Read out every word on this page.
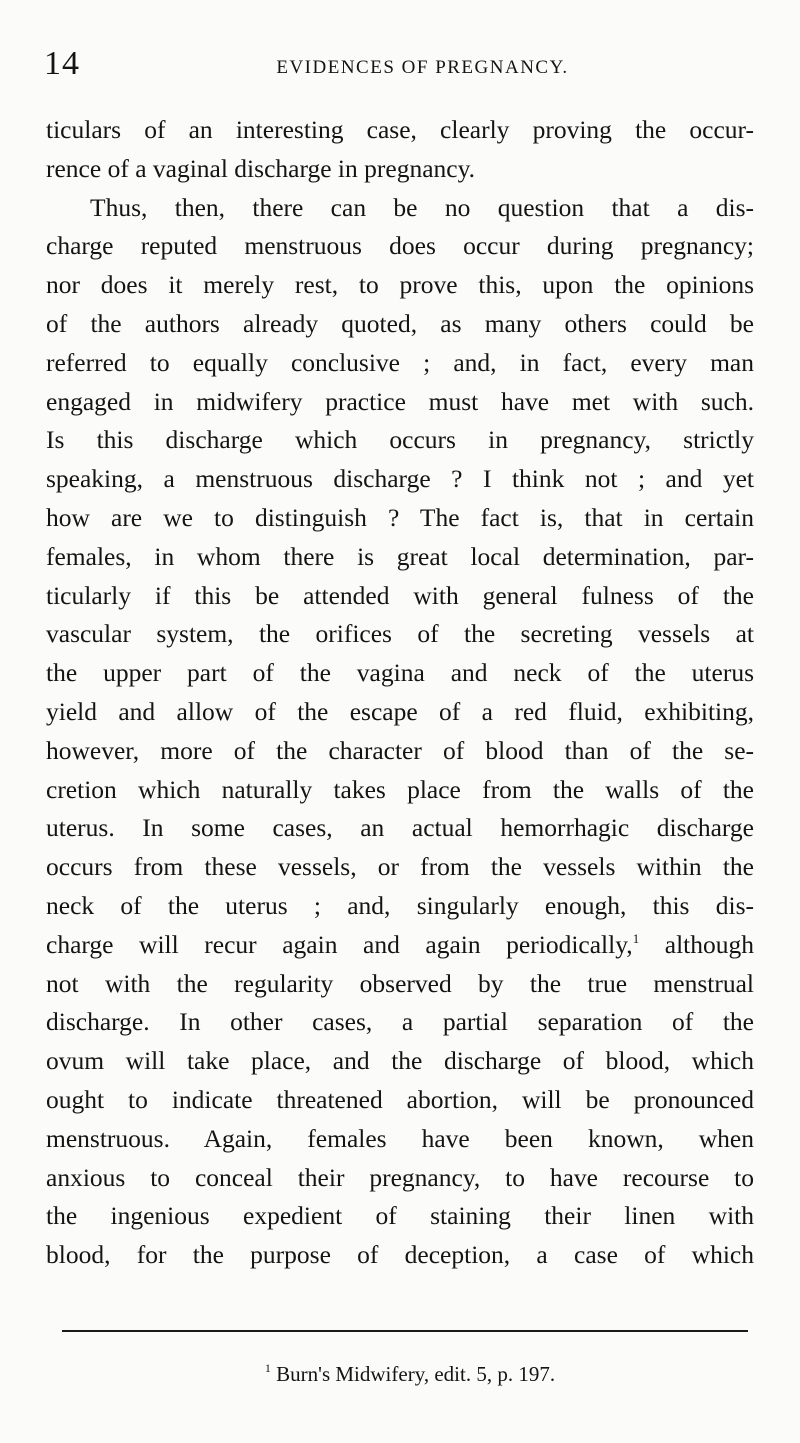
14	EVIDENCES OF PREGNANCY.
ticulars of an interesting case, clearly proving the occur-
rence of a vaginal discharge in pregnancy.
Thus, then, there can be no question that a dis-
charge reputed menstruous does occur during pregnancy;
nor does it merely rest, to prove this, upon the opinions
of the authors already quoted, as many others could be
referred to equally conclusive ; and, in fact, every man
engaged in midwifery practice must have met with such.
Is this discharge which occurs in pregnancy, strictly
speaking, a menstruous discharge ? I think not ; and yet
how are we to distinguish ? The fact is, that in certain
females, in whom there is great local determination, par-
ticularly if this be attended with general fulness of the
vascular system, the orifices of the secreting vessels at
the upper part of the vagina and neck of the uterus
yield and allow of the escape of a red fluid, exhibiting,
however, more of the character of blood than of the se-
cretion which naturally takes place from the walls of the
uterus. In some cases, an actual hemorrhagic discharge
occurs from these vessels, or from the vessels within the
neck of the uterus ; and, singularly enough, this dis-
charge will recur again and again periodically,$^1$ although
not with the regularity observed by the true menstrual
discharge. In other cases, a partial separation of the
ovum will take place, and the discharge of blood, which
ought to indicate threatened abortion, will be pronounced
menstruous. Again, females have been known, when
anxious to conceal their pregnancy, to have recourse to
the ingenious expedient of staining their linen with
blood, for the purpose of deception, a case of which
$^1$ Burn's Midwifery, edit. 5, p. 197.
